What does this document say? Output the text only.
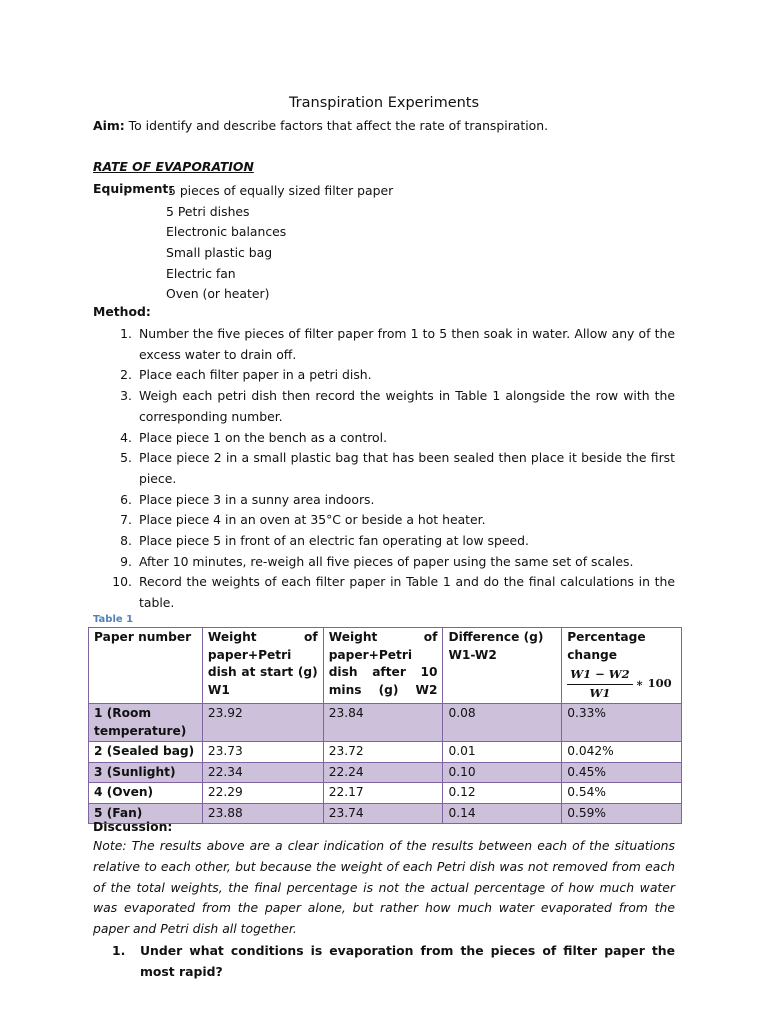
Transpiration Experiments
Aim: To identify and describe factors that affect the rate of transpiration.
RATE OF EVAPORATION
Equipment:
5 pieces of equally sized filter paper
5 Petri dishes
Electronic balances
Small plastic bag
Electric fan
Oven (or heater)
Method:
1. Number the five pieces of filter paper from 1 to 5 then soak in water. Allow any of the excess water to drain off.
2. Place each filter paper in a petri dish.
3. Weigh each petri dish then record the weights in Table 1 alongside the row with the corresponding number.
4. Place piece 1 on the bench as a control.
5. Place piece 2 in a small plastic bag that has been sealed then place it beside the first piece.
6. Place piece 3 in a sunny area indoors.
7. Place piece 4 in an oven at 35°C or beside a hot heater.
8. Place piece 5 in front of an electric fan operating at low speed.
9. After 10 minutes, re-weigh all five pieces of paper using the same set of scales.
10. Record the weights of each filter paper in Table 1 and do the final calculations in the table.
Table 1
Paper number	Weight of paper+Petri dish at start (g) W1	Weight of paper+Petri dish after 10 mins (g) W2	Difference (g) W1-W2	Percentage change
W1 − W2
W1
∗ 100

1 (Room temperature)	23.92	23.84	0.08	0.33%
2 (Sealed bag)	23.73	23.72	0.01	0.042%
3 (Sunlight)	22.34	22.24	0.10	0.45%
4 (Oven)	22.29	22.17	0.12	0.54%
5 (Fan)	23.88	23.74	0.14	0.59%
Discussion:
Note: The results above are a clear indication of the results between each of the situations relative to each other, but because the weight of each Petri dish was not removed from each of the total weights, the final percentage is not the actual percentage of how much water was evaporated from the paper alone, but rather how much water evaporated from the paper and Petri dish all together.
1.	Under what conditions is evaporation from the pieces of filter paper the most rapid?
